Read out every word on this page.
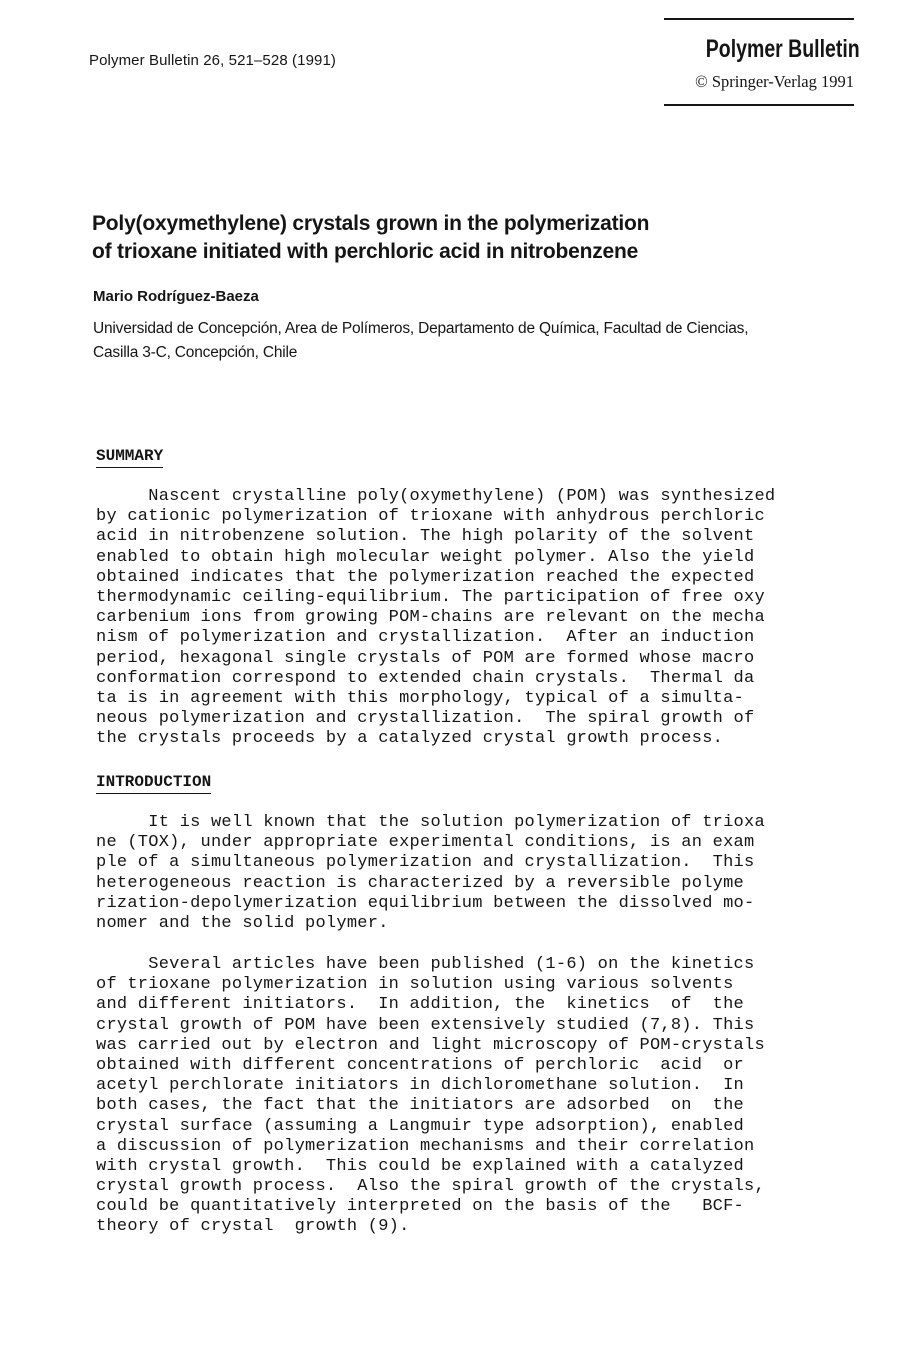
Polymer Bulletin 26, 521–528 (1991)	Polymer Bulletin
© Springer-Verlag 1991
Poly(oxymethylene) crystals grown in the polymerization
of trioxane initiated with perchloric acid in nitrobenzene
Mario Rodríguez-Baeza
Universidad de Concepción, Area de Polímeros, Departamento de Química, Facultad de Ciencias,
Casilla 3-C, Concepción, Chile
SUMMARY
Nascent crystalline poly(oxymethylene) (POM) was synthesized
by cationic polymerization of trioxane with anhydrous perchloric
acid in nitrobenzene solution. The high polarity of the solvent
enabled to obtain high molecular weight polymer. Also the yield
obtained indicates that the polymerization reached the expected
thermodynamic ceiling-equilibrium. The participation of free oxy
carbenium ions from growing POM-chains are relevant on the mecha
nism of polymerization and crystallization.  After an induction
period, hexagonal single crystals of POM are formed whose macro
conformation correspond to extended chain crystals.  Thermal da
ta is in agreement with this morphology, typical of a simulta-
neous polymerization and crystallization.  The spiral growth of
the crystals proceeds by a catalyzed crystal growth process.
INTRODUCTION
It is well known that the solution polymerization of trioxa
ne (TOX), under appropriate experimental conditions, is an exam
ple of a simultaneous polymerization and crystallization.  This
heterogeneous reaction is characterized by a reversible polyme
rization-depolymerization equilibrium between the dissolved mo-
nomer and the solid polymer.
Several articles have been published (1-6) on the kinetics
of trioxane polymerization in solution using various solvents
and different initiators.  In addition, the  kinetics  of  the
crystal growth of POM have been extensively studied (7,8). This
was carried out by electron and light microscopy of POM-crystals
obtained with different concentrations of perchloric  acid  or
acetyl perchlorate initiators in dichloromethane solution.  In
both cases, the fact that the initiators are adsorbed  on  the
crystal surface (assuming a Langmuir type adsorption), enabled
a discussion of polymerization mechanisms and their correlation
with crystal growth.  This could be explained with a catalyzed
crystal growth process.  Also the spiral growth of the crystals,
could be quantitatively interpreted on the basis of the   BCF-
theory of crystal  growth (9).
